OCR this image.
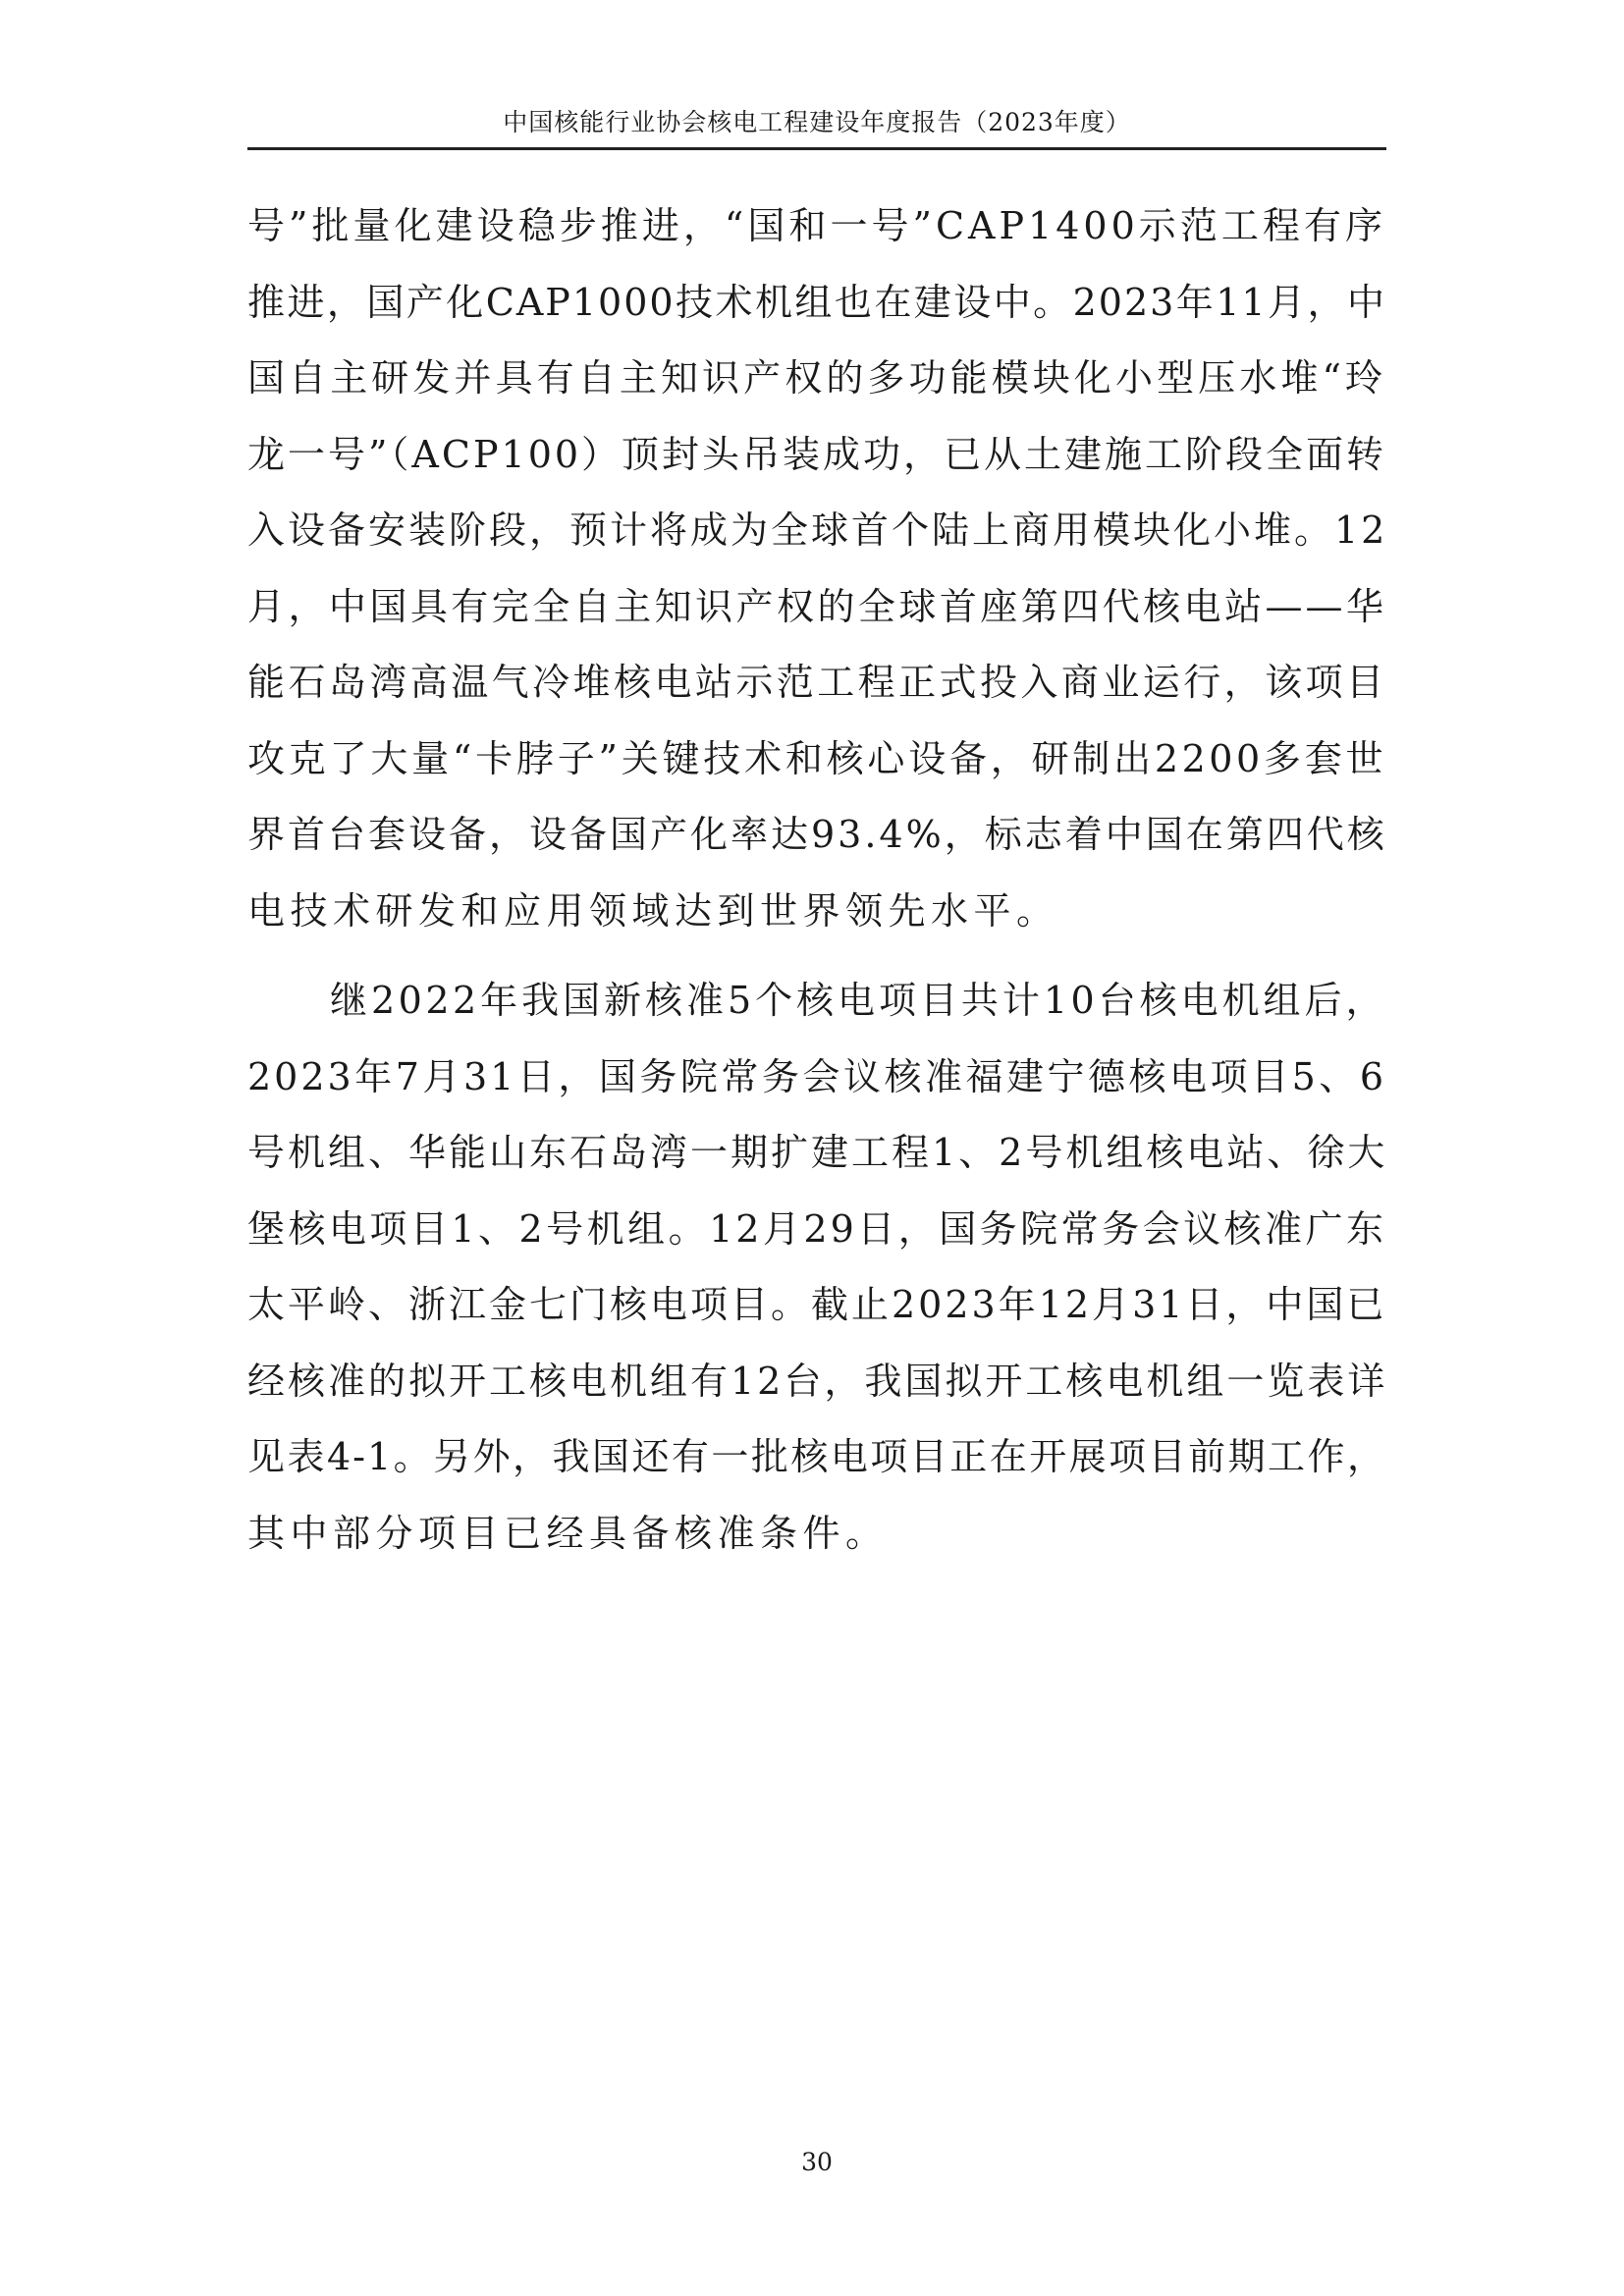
中国核能行业协会核电工程建设年度报告（2023年度）

号”批量化建设稳步推进，“国和一号”CAP1400示范工程有序
推进，国产化CAP1000技术机组也在建设中。2023年11月，中
国自主研发并具有自主知识产权的多功能模块化小型压水堆“玲
龙一号”（ACP100）顶封头吊装成功，已从土建施工阶段全面转
入设备安装阶段，预计将成为全球首个陆上商用模块化小堆。12
月，中国具有完全自主知识产权的全球首座第四代核电站——华
能石岛湾高温气冷堆核电站示范工程正式投入商业运行，该项目
攻克了大量“卡脖子”关键技术和核心设备，研制出2200多套世
界首台套设备，设备国产化率达93.4%，标志着中国在第四代核
电技术研发和应用领域达到世界领先水平。

继2022年我国新核准5个核电项目共计10台核电机组后，
2023年7月31日，国务院常务会议核准福建宁德核电项目5、6
号机组、华能山东石岛湾一期扩建工程1、2号机组核电站、徐大
堡核电项目1、2号机组。12月29日，国务院常务会议核准广东
太平岭、浙江金七门核电项目。截止2023年12月31日，中国已
经核准的拟开工核电机组有12台，我国拟开工核电机组一览表详
见表4-1。另外，我国还有一批核电项目正在开展项目前期工作，
其中部分项目已经具备核准条件。

30
